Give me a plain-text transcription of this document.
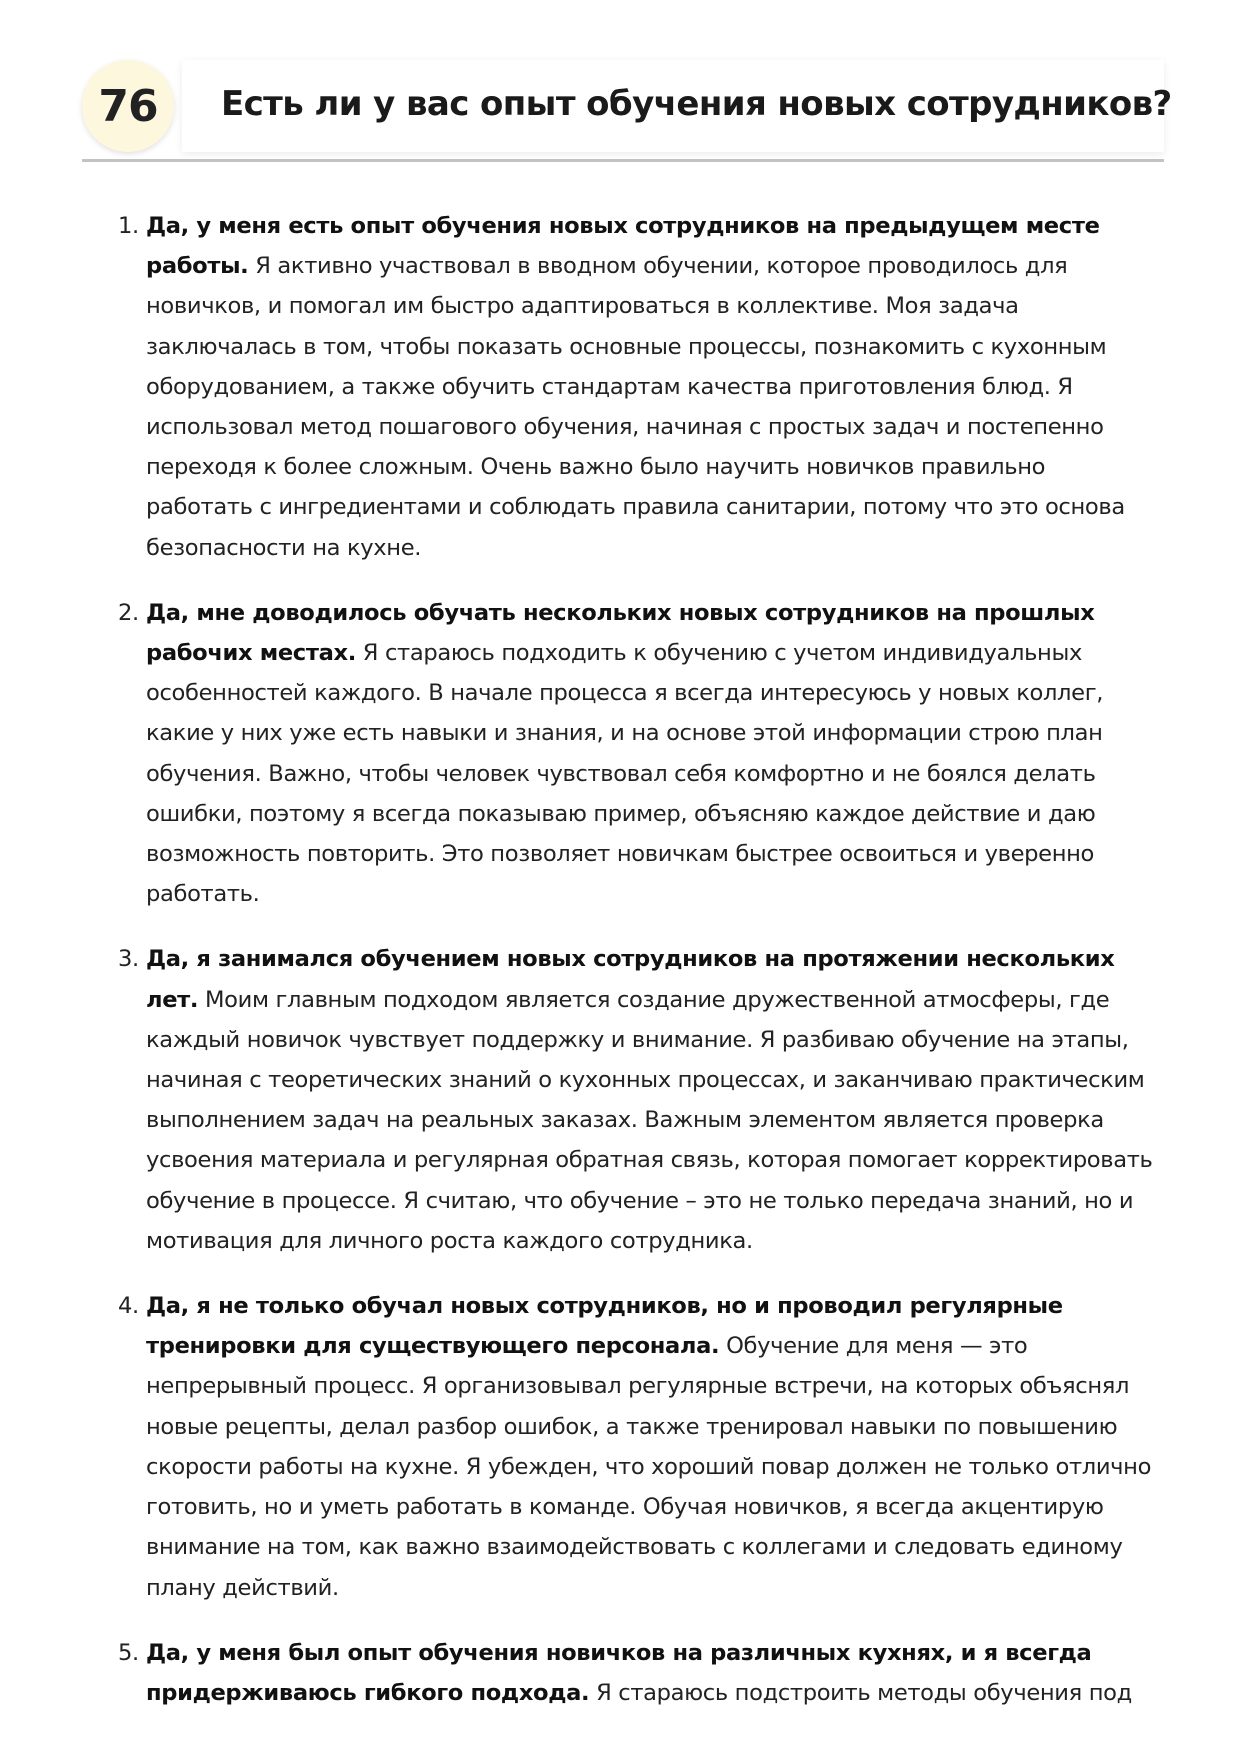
76	Есть ли у вас опыт обучения новых сотрудников?
1. Да, у меня есть опыт обучения новых сотрудников на предыдущем месте работы. Я активно участвовал в вводном обучении, которое проводилось для новичков, и помогал им быстро адаптироваться в коллективе. Моя задача заключалась в том, чтобы показать основные процессы, познакомить с кухонным оборудованием, а также обучить стандартам качества приготовления блюд. Я использовал метод пошагового обучения, начиная с простых задач и постепенно переходя к более сложным. Очень важно было научить новичков правильно работать с ингредиентами и соблюдать правила санитарии, потому что это основа безопасности на кухне.
2. Да, мне доводилось обучать нескольких новых сотрудников на прошлых рабочих местах. Я стараюсь подходить к обучению с учетом индивидуальных особенностей каждого. В начале процесса я всегда интересуюсь у новых коллег, какие у них уже есть навыки и знания, и на основе этой информации строю план обучения. Важно, чтобы человек чувствовал себя комфортно и не боялся делать ошибки, поэтому я всегда показываю пример, объясняю каждое действие и даю возможность повторить. Это позволяет новичкам быстрее освоиться и уверенно работать.
3. Да, я занимался обучением новых сотрудников на протяжении нескольких лет. Моим главным подходом является создание дружественной атмосферы, где каждый новичок чувствует поддержку и внимание. Я разбиваю обучение на этапы, начиная с теоретических знаний о кухонных процессах, и заканчиваю практическим выполнением задач на реальных заказах. Важным элементом является проверка усвоения материала и регулярная обратная связь, которая помогает корректировать обучение в процессе. Я считаю, что обучение – это не только передача знаний, но и мотивация для личного роста каждого сотрудника.
4. Да, я не только обучал новых сотрудников, но и проводил регулярные тренировки для существующего персонала. Обучение для меня — это непрерывный процесс. Я организовывал регулярные встречи, на которых объяснял новые рецепты, делал разбор ошибок, а также тренировал навыки по повышению скорости работы на кухне. Я убежден, что хороший повар должен не только отлично готовить, но и уметь работать в команде. Обучая новичков, я всегда акцентирую внимание на том, как важно взаимодействовать с коллегами и следовать единому плану действий.
5. Да, у меня был опыт обучения новичков на различных кухнях, и я всегда придерживаюсь гибкого подхода. Я стараюсь подстроить методы обучения под
